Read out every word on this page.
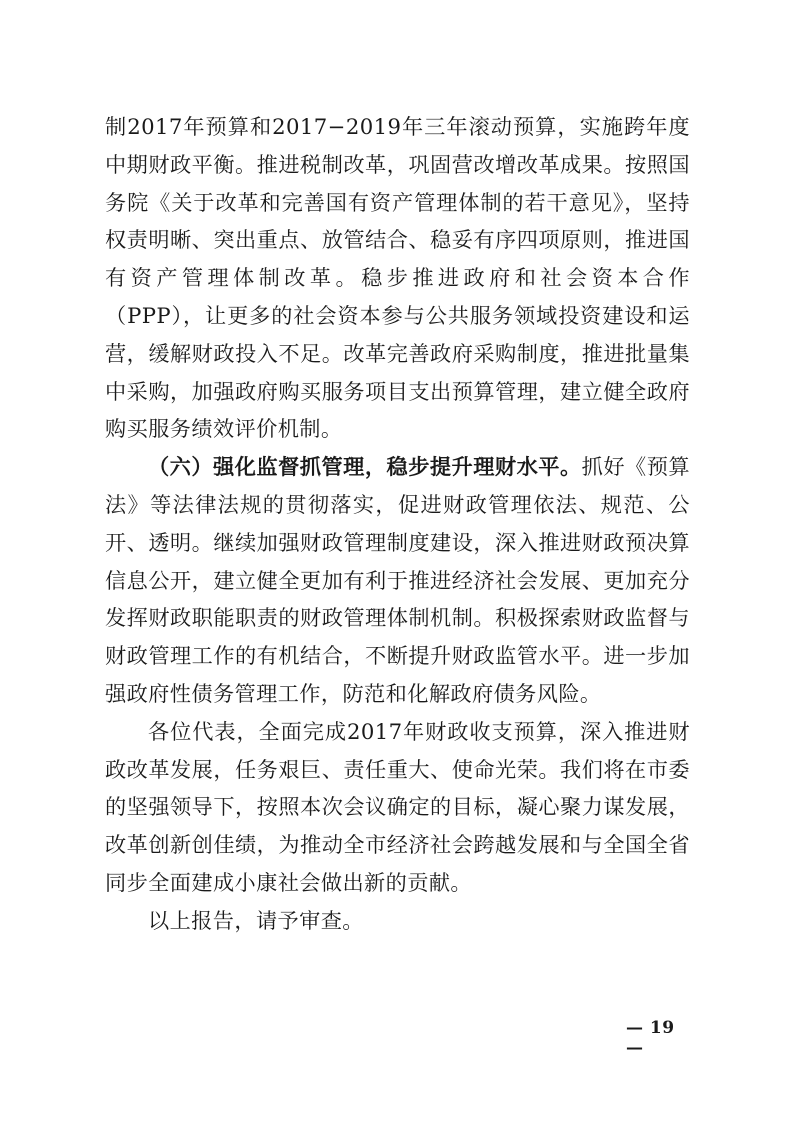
制2017年预算和2017−2019年三年滚动预算，实施跨年度中期财政平衡。推进税制改革，巩固营改增改革成果。按照国务院《关于改革和完善国有资产管理体制的若干意见》，坚持权责明晰、突出重点、放管结合、稳妥有序四项原则，推进国有资产管理体制改革。稳步推进政府和社会资本合作（PPP），让更多的社会资本参与公共服务领域投资建设和运营，缓解财政投入不足。改革完善政府采购制度，推进批量集中采购，加强政府购买服务项目支出预算管理，建立健全政府购买服务绩效评价机制。

（六）强化监督抓管理，稳步提升理财水平。抓好《预算法》等法律法规的贯彻落实，促进财政管理依法、规范、公开、透明。继续加强财政管理制度建设，深入推进财政预决算信息公开，建立健全更加有利于推进经济社会发展、更加充分发挥财政职能职责的财政管理体制机制。积极探索财政监督与财政管理工作的有机结合，不断提升财政监管水平。进一步加强政府性债务管理工作，防范和化解政府债务风险。

各位代表，全面完成2017年财政收支预算，深入推进财政改革发展，任务艰巨、责任重大、使命光荣。我们将在市委的坚强领导下，按照本次会议确定的目标，凝心聚力谋发展，改革创新创佳绩，为推动全市经济社会跨越发展和与全国全省同步全面建成小康社会做出新的贡献。

以上报告，请予审查。

— 19 —
